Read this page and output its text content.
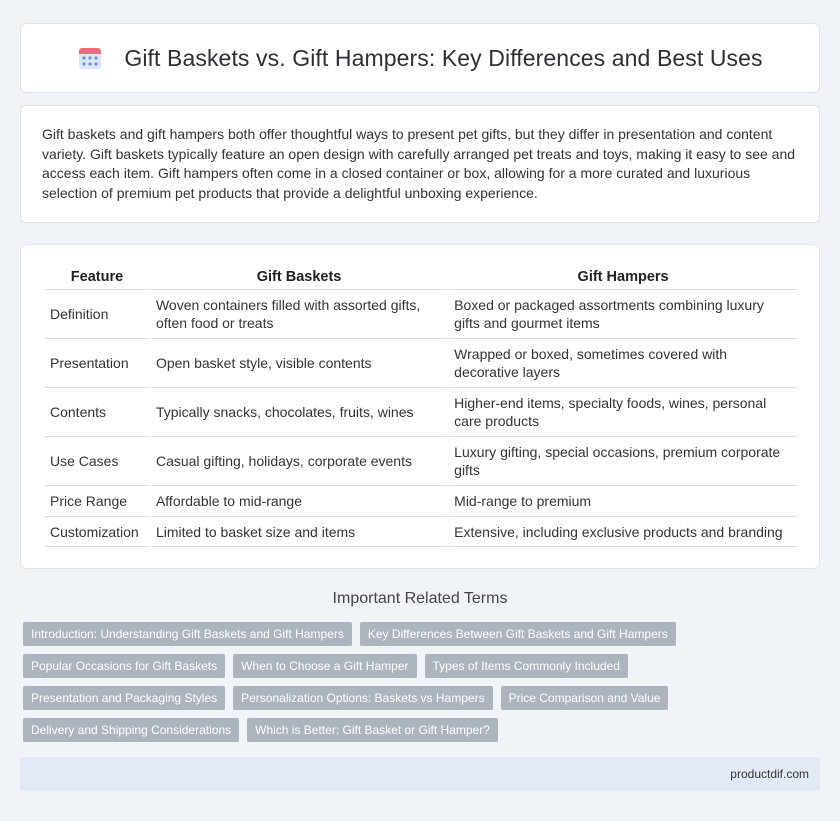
Gift Baskets vs. Gift Hampers: Key Differences and Best Uses

Gift baskets and gift hampers both offer thoughtful ways to present pet gifts, but they differ in presentation and content variety. Gift baskets typically feature an open design with carefully arranged pet treats and toys, making it easy to see and access each item. Gift hampers often come in a closed container or box, allowing for a more curated and luxurious selection of premium pet products that provide a delightful unboxing experience.

Feature	Gift Baskets	Gift Hampers
Definition	Woven containers filled with assorted gifts, often food or treats	Boxed or packaged assortments combining luxury gifts and gourmet items
Presentation	Open basket style, visible contents	Wrapped or boxed, sometimes covered with decorative layers
Contents	Typically snacks, chocolates, fruits, wines	Higher-end items, specialty foods, wines, personal care products
Use Cases	Casual gifting, holidays, corporate events	Luxury gifting, special occasions, premium corporate gifts
Price Range	Affordable to mid-range	Mid-range to premium
Customization	Limited to basket size and items	Extensive, including exclusive products and branding
Important Related Terms
Introduction: Understanding Gift Baskets and Gift Hampers	Key Differences Between Gift Baskets and Gift Hampers
Popular Occasions for Gift Baskets	When to Choose a Gift Hamper	Types of Items Commonly Included
Presentation and Packaging Styles	Personalization Options: Baskets vs Hampers	Price Comparison and Value
Delivery and Shipping Considerations	Which is Better: Gift Basket or Gift Hamper?
productdif.com
